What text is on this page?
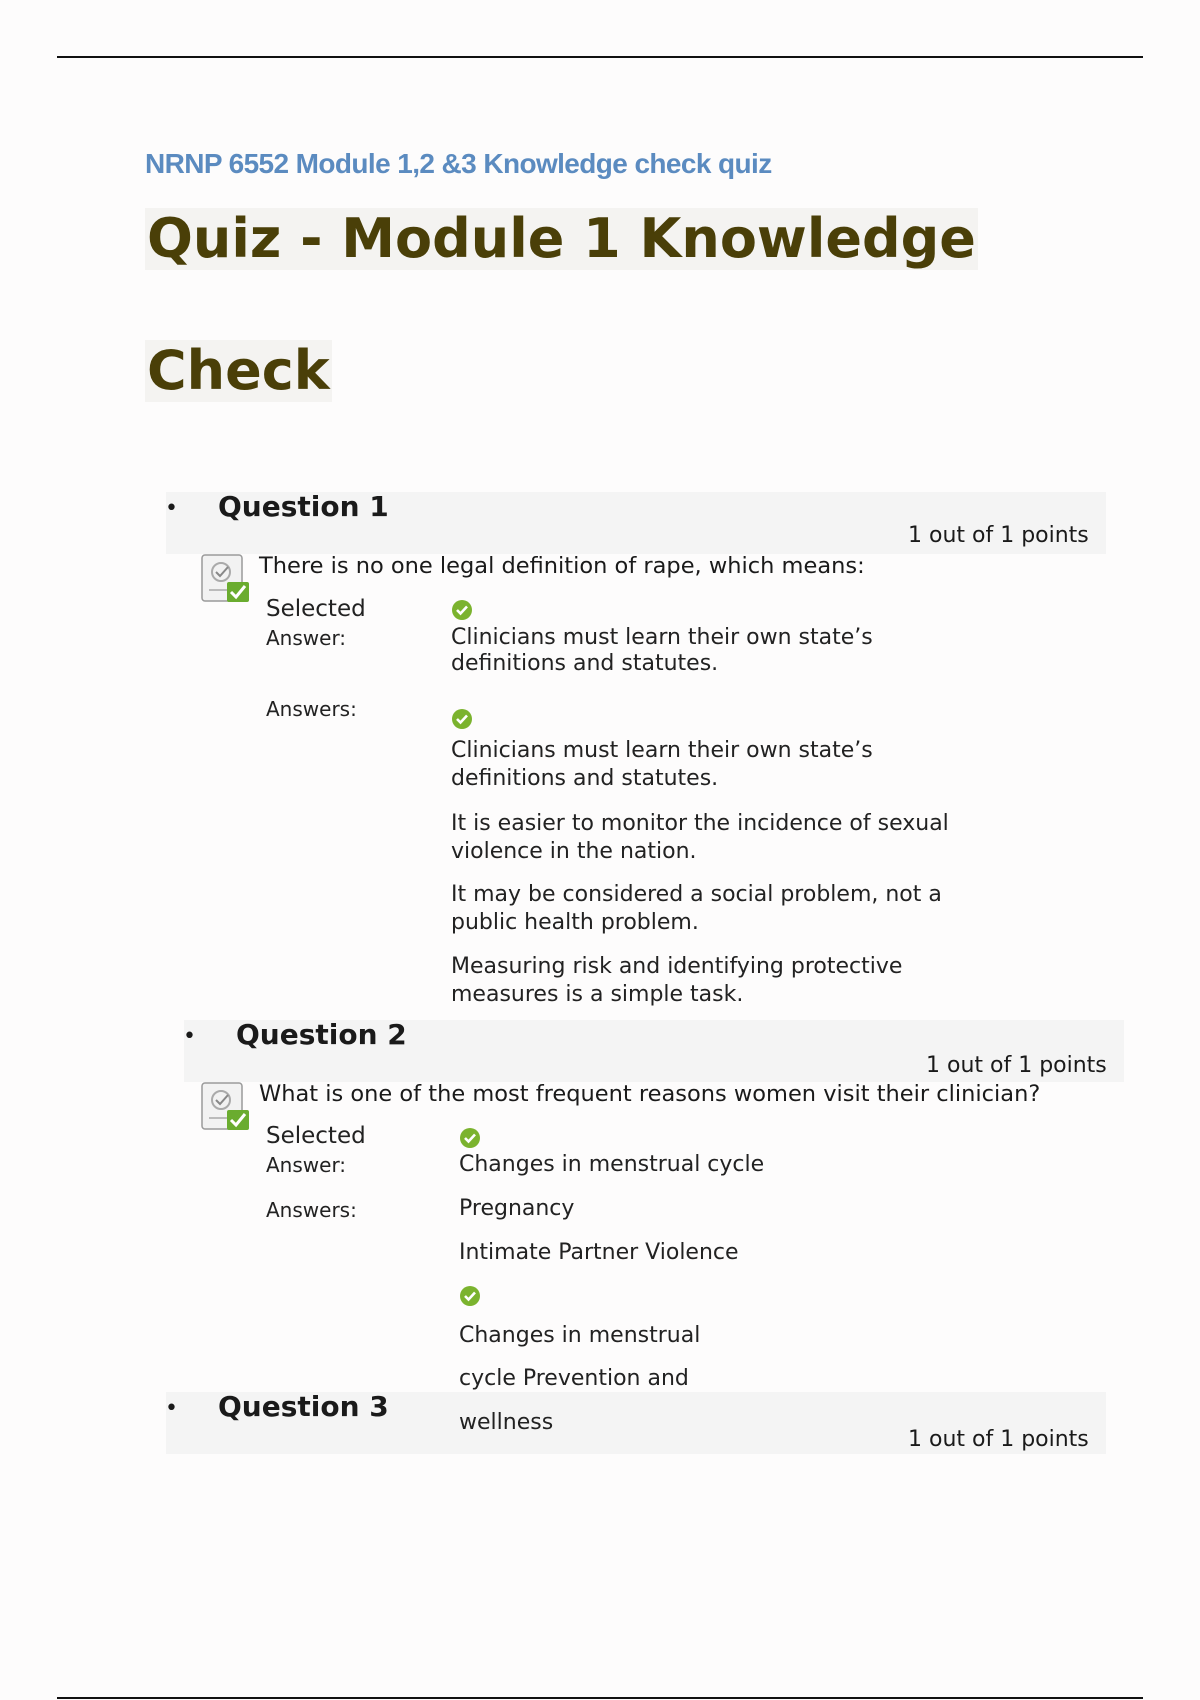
NRNP 6552 Module 1,2 &3 Knowledge check quiz
Quiz - Module 1 Knowledge
Check
• Question 1
1 out of 1 points
There is no one legal definition of rape, which means:
Selected
Answer:	Clinicians must learn their own state’s
definitions and statutes.
Answers:
Clinicians must learn their own state’s
definitions and statutes.
It is easier to monitor the incidence of sexual
violence in the nation.
It may be considered a social problem, not a
public health problem.
Measuring risk and identifying protective
measures is a simple task.
• Question 2
1 out of 1 points
What is one of the most frequent reasons women visit their clinician?
Selected
Answer:	Changes in menstrual cycle
Answers:	Pregnancy
Intimate Partner Violence
Changes in menstrual
cycle Prevention and
wellness
• Question 3
1 out of 1 points
